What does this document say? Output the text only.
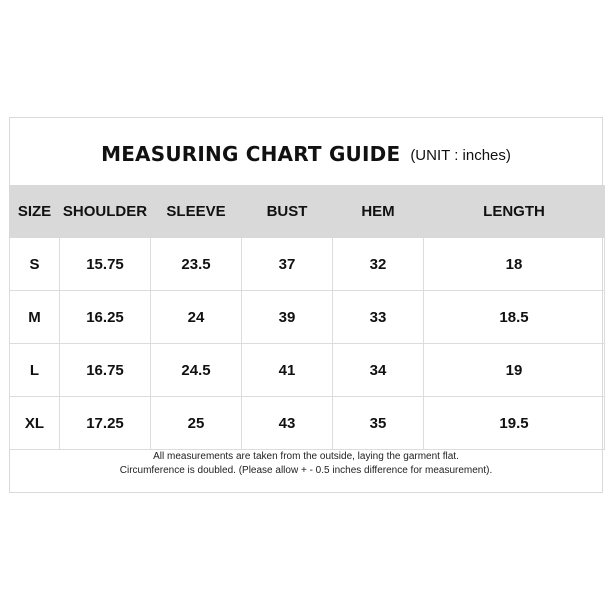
MEASURING CHART GUIDE (UNIT : inches)
SIZE	SHOULDER	SLEEVE	BUST	HEM	LENGTH
S	15.75	23.5	37	32	18
M	16.25	24	39	33	18.5
L	16.75	24.5	41	34	19
XL	17.25	25	43	35	19.5
All measurements are taken from the outside, laying the garment flat.
Circumference is doubled. (Please allow + - 0.5 inches difference for measurement).
